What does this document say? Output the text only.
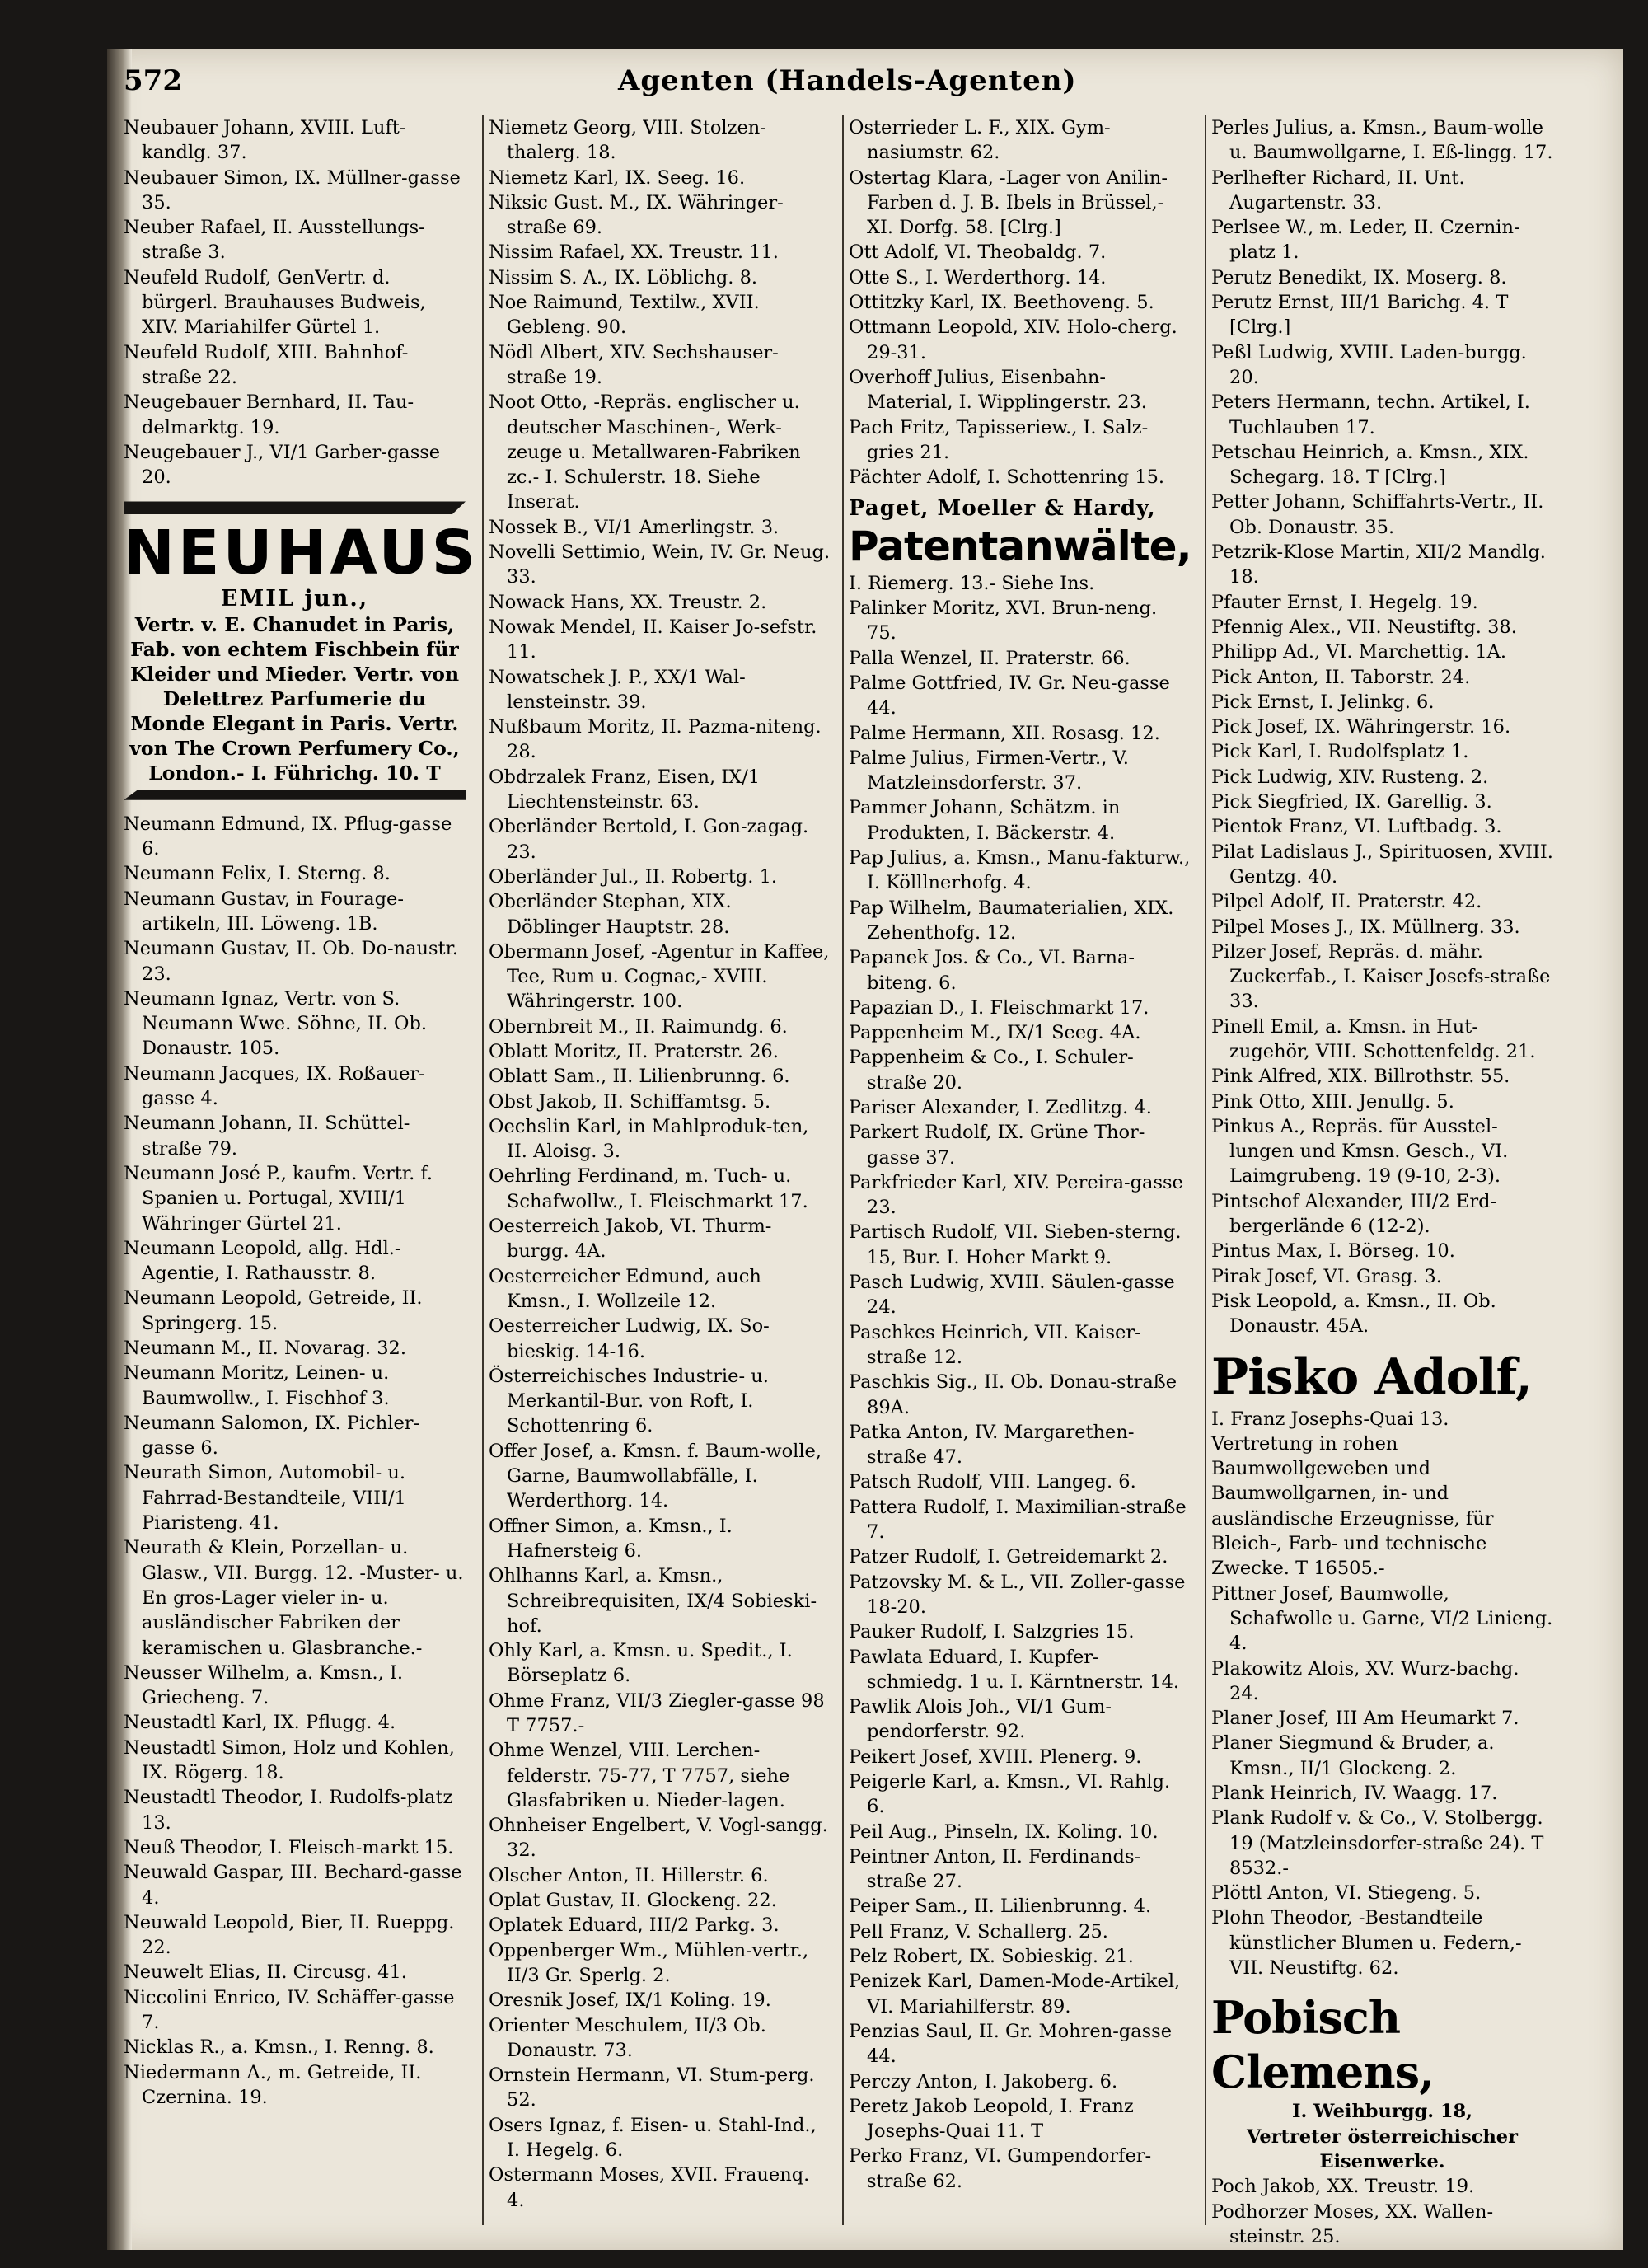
572	Agenten (Handels-Agenten)
Neubauer Johann, XVIII. Luft-kandlg. 37.
Neubauer Simon, IX. Müllner-gasse 35.
Neuber Rafael, II. Ausstellungs-straße 3.
Neufeld Rudolf, GenVertr. d. bürgerl. Brauhauses Budweis, XIV. Mariahilfer Gürtel 1.
Neufeld Rudolf, XIII. Bahnhof-straße 22.
Neugebauer Bernhard, II. Tau-delmarktg. 19.
Neugebauer J., VI/1 Garber-gasse 20.
NEUHAUS
EMIL jun.,
Vertr. v. E. Chanudet in Paris, Fab. von echtem Fischbein für Kleider und Mieder. Vertr. von Delettrez Parfumerie du Monde Elegant in Paris. Vertr. von The Crown Perfumery Co., London.- I. Führichg. 10. T
Neumann Edmund, IX. Pflug-gasse 6.
Neumann Felix, I. Sterng. 8.
Neumann Gustav, in Fourage-artikeln, III. Löweng. 1B.
Neumann Gustav, II. Ob. Do-naustr. 23.
Neumann Ignaz, Vertr. von S. Neumann Wwe. Söhne, II. Ob. Donaustr. 105.
Neumann Jacques, IX. Roßauer-gasse 4.
Neumann Johann, II. Schüttel-straße 79.
Neumann José P., kaufm. Vertr. f. Spanien u. Portugal, XVIII/1 Währinger Gürtel 21.
Neumann Leopold, allg. Hdl.-Agentie, I. Rathausstr. 8.
Neumann Leopold, Getreide, II. Springerg. 15.
Neumann M., II. Novarag. 32.
Neumann Moritz, Leinen- u. Baumwollw., I. Fischhof 3.
Neumann Salomon, IX. Pichler-gasse 6.
Neurath Simon, Automobil- u. Fahrrad-Bestandteile, VIII/1 Piaristeng. 41.
Neurath & Klein, Porzellan- u. Glasw., VII. Burgg. 12. -Muster- u. En gros-Lager vieler in- u. ausländischer Fabriken der keramischen u. Glasbranche.-
Neusser Wilhelm, a. Kmsn., I. Griecheng. 7.
Neustadtl Karl, IX. Pflugg. 4.
Neustadtl Simon, Holz und Kohlen, IX. Rögerg. 18.
Neustadtl Theodor, I. Rudolfs-platz 13.
Neuß Theodor, I. Fleisch-markt 15.
Neuwald Gaspar, III. Bechard-gasse 4.
Neuwald Leopold, Bier, II. Rueppg. 22.
Neuwelt Elias, II. Circusg. 41.
Niccolini Enrico, IV. Schäffer-gasse 7.
Nicklas R., a. Kmsn., I. Renng. 8.
Niedermann A., m. Getreide, II. Czernina. 19.
Niemetz Georg, VIII. Stolzen-thalerg. 18.
Niemetz Karl, IX. Seeg. 16.
Niksic Gust. M., IX. Währinger-straße 69.
Nissim Rafael, XX. Treustr. 11.
Nissim S. A., IX. Löblichg. 8.
Noe Raimund, Textilw., XVII. Gebleng. 90.
Nödl Albert, XIV. Sechshauser-straße 19.
Noot Otto, -Repräs. englischer u. deutscher Maschinen-, Werk-zeuge u. Metallwaren-Fabriken zc.- I. Schulerstr. 18. Siehe Inserat.
Nossek B., VI/1 Amerlingstr. 3.
Novelli Settimio, Wein, IV. Gr. Neug. 33.
Nowack Hans, XX. Treustr. 2.
Nowak Mendel, II. Kaiser Jo-sefstr. 11.
Nowatschek J. P., XX/1 Wal-lensteinstr. 39.
Nußbaum Moritz, II. Pazma-niteng. 28.
Obdrzalek Franz, Eisen, IX/1 Liechtensteinstr. 63.
Oberländer Bertold, I. Gon-zagag. 23.
Oberländer Jul., II. Robertg. 1.
Oberländer Stephan, XIX. Döblinger Hauptstr. 28.
Obermann Josef, -Agentur in Kaffee, Tee, Rum u. Cognac,- XVIII. Währingerstr. 100.
Obernbreit M., II. Raimundg. 6.
Oblatt Moritz, II. Praterstr. 26.
Oblatt Sam., II. Lilienbrunng. 6.
Obst Jakob, II. Schiffamtsg. 5.
Oechslin Karl, in Mahlproduk-ten, II. Aloisg. 3.
Oehrling Ferdinand, m. Tuch- u. Schafwollw., I. Fleischmarkt 17.
Oesterreich Jakob, VI. Thurm-burgg. 4A.
Oesterreicher Edmund, auch Kmsn., I. Wollzeile 12.
Oesterreicher Ludwig, IX. So-bieskig. 14-16.
Österreichisches Industrie- u. Merkantil-Bur. von Roft, I. Schottenring 6.
Offer Josef, a. Kmsn. f. Baum-wolle, Garne, Baumwollabfälle, I. Werderthorg. 14.
Offner Simon, a. Kmsn., I. Hafnersteig 6.
Ohlhanns Karl, a. Kmsn., Schreibrequisiten, IX/4 Sobieski-hof.
Ohly Karl, a. Kmsn. u. Spedit., I. Börseplatz 6.
Ohme Franz, VII/3 Ziegler-gasse 98 T 7757.-
Ohme Wenzel, VIII. Lerchen-felderstr. 75-77, T 7757, siehe Glasfabriken u. Nieder-lagen.
Ohnheiser Engelbert, V. Vogl-sangg. 32.
Olscher Anton, II. Hillerstr. 6.
Oplat Gustav, II. Glockeng. 22.
Oplatek Eduard, III/2 Parkg. 3.
Oppenberger Wm., Mühlen-vertr., II/3 Gr. Sperlg. 2.
Oresnik Josef, IX/1 Koling. 19.
Orienter Meschulem, II/3 Ob. Donaustr. 73.
Ornstein Hermann, VI. Stum-perg. 52.
Osers Ignaz, f. Eisen- u. Stahl-Ind., I. Hegelg. 6.
Ostermann Moses, XVII. Frauenq. 4.
Osterrieder L. F., XIX. Gym-nasiumstr. 62.
Ostertag Klara, -Lager von Anilin-Farben d. J. B. Ibels in Brüssel,- XI. Dorfg. 58. [Clrg.]
Ott Adolf, VI. Theobaldg. 7.
Otte S., I. Werderthorg. 14.
Ottitzky Karl, IX. Beethoveng. 5.
Ottmann Leopold, XIV. Holo-cherg. 29-31.
Overhoff Julius, Eisenbahn-Material, I. Wipplingerstr. 23.
Pach Fritz, Tapisseriew., I. Salz-gries 21.
Pächter Adolf, I. Schottenring 15.
Paget, Moeller & Hardy,
Patentanwälte,
I. Riemerg. 13.- Siehe Ins.
Palinker Moritz, XVI. Brun-neng. 75.
Palla Wenzel, II. Praterstr. 66.
Palme Gottfried, IV. Gr. Neu-gasse 44.
Palme Hermann, XII. Rosasg. 12.
Palme Julius, Firmen-Vertr., V. Matzleinsdorferstr. 37.
Pammer Johann, Schätzm. in Produkten, I. Bäckerstr. 4.
Pap Julius, a. Kmsn., Manu-fakturw., I. Kölllnerhofg. 4.
Pap Wilhelm, Baumaterialien, XIX. Zehenthofg. 12.
Papanek Jos. & Co., VI. Barna-biteng. 6.
Papazian D., I. Fleischmarkt 17.
Pappenheim M., IX/1 Seeg. 4A.
Pappenheim & Co., I. Schuler-straße 20.
Pariser Alexander, I. Zedlitzg. 4.
Parkert Rudolf, IX. Grüne Thor-gasse 37.
Parkfrieder Karl, XIV. Pereira-gasse 23.
Partisch Rudolf, VII. Sieben-sterng. 15, Bur. I. Hoher Markt 9.
Pasch Ludwig, XVIII. Säulen-gasse 24.
Paschkes Heinrich, VII. Kaiser-straße 12.
Paschkis Sig., II. Ob. Donau-straße 89A.
Patka Anton, IV. Margarethen-straße 47.
Patsch Rudolf, VIII. Langeg. 6.
Pattera Rudolf, I. Maximilian-straße 7.
Patzer Rudolf, I. Getreidemarkt 2.
Patzovsky M. & L., VII. Zoller-gasse 18-20.
Pauker Rudolf, I. Salzgries 15.
Pawlata Eduard, I. Kupfer-schmiedg. 1 u. I. Kärntnerstr. 14.
Pawlik Alois Joh., VI/1 Gum-pendorferstr. 92.
Peikert Josef, XVIII. Plenerg. 9.
Peigerle Karl, a. Kmsn., VI. Rahlg. 6.
Peil Aug., Pinseln, IX. Koling. 10.
Peintner Anton, II. Ferdinands-straße 27.
Peiper Sam., II. Lilienbrunng. 4.
Pell Franz, V. Schallerg. 25.
Pelz Robert, IX. Sobieskig. 21.
Penizek Karl, Damen-Mode-Artikel, VI. Mariahilferstr. 89.
Penzias Saul, II. Gr. Mohren-gasse 44.
Perczy Anton, I. Jakoberg. 6.
Peretz Jakob Leopold, I. Franz Josephs-Quai 11. T
Perko Franz, VI. Gumpendorfer-straße 62.
Perles Julius, a. Kmsn., Baum-wolle u. Baumwollgarne, I. Eß-lingg. 17.
Perlhefter Richard, II. Unt. Augartenstr. 33.
Perlsee W., m. Leder, II. Czernin-platz 1.
Perutz Benedikt, IX. Moserg. 8.
Perutz Ernst, III/1 Barichg. 4. T [Clrg.]
Peßl Ludwig, XVIII. Laden-burgg. 20.
Peters Hermann, techn. Artikel, I. Tuchlauben 17.
Petschau Heinrich, a. Kmsn., XIX. Schegarg. 18. T [Clrg.]
Petter Johann, Schiffahrts-Vertr., II. Ob. Donaustr. 35.
Petzrik-Klose Martin, XII/2 Mandlg. 18.
Pfauter Ernst, I. Hegelg. 19.
Pfennig Alex., VII. Neustiftg. 38.
Philipp Ad., VI. Marchettig. 1A.
Pick Anton, II. Taborstr. 24.
Pick Ernst, I. Jelinkg. 6.
Pick Josef, IX. Währingerstr. 16.
Pick Karl, I. Rudolfsplatz 1.
Pick Ludwig, XIV. Rusteng. 2.
Pick Siegfried, IX. Garellig. 3.
Pientok Franz, VI. Luftbadg. 3.
Pilat Ladislaus J., Spirituosen, XVIII. Gentzg. 40.
Pilpel Adolf, II. Praterstr. 42.
Pilpel Moses J., IX. Müllnerg. 33.
Pilzer Josef, Repräs. d. mähr. Zuckerfab., I. Kaiser Josefs-straße 33.
Pinell Emil, a. Kmsn. in Hut-zugehör, VIII. Schottenfeldg. 21.
Pink Alfred, XIX. Billrothstr. 55.
Pink Otto, XIII. Jenullg. 5.
Pinkus A., Repräs. für Ausstel-lungen und Kmsn. Gesch., VI. Laimgrubeng. 19 (9-10, 2-3).
Pintschof Alexander, III/2 Erd-bergerlände 6 (12-2).
Pintus Max, I. Börseg. 10.
Pirak Josef, VI. Grasg. 3.
Pisk Leopold, a. Kmsn., II. Ob. Donaustr. 45A.
Pisko Adolf,
I. Franz Josephs-Quai 13. Vertretung in rohen Baumwollgeweben und Baumwollgarnen, in- und ausländische Erzeugnisse, für Bleich-, Farb- und technische Zwecke. T 16505.-
Pittner Josef, Baumwolle, Schafwolle u. Garne, VI/2 Linieng. 4.
Plakowitz Alois, XV. Wurz-bachg. 24.
Planer Josef, III Am Heumarkt 7.
Planer Siegmund & Bruder, a. Kmsn., II/1 Glockeng. 2.
Plank Heinrich, IV. Waagg. 17.
Plank Rudolf v. & Co., V. Stolbergg. 19 (Matzleinsdorfer-straße 24). T 8532.-
Plöttl Anton, VI. Stiegeng. 5.
Plohn Theodor, -Bestandteile künstlicher Blumen u. Federn,- VII. Neustiftg. 62.
Pobisch Clemens,
I. Weihburgg. 18,
Vertreter österreichischer Eisenwerke.
Poch Jakob, XX. Treustr. 19.
Podhorzer Moses, XX. Wallen-steinstr. 25.
